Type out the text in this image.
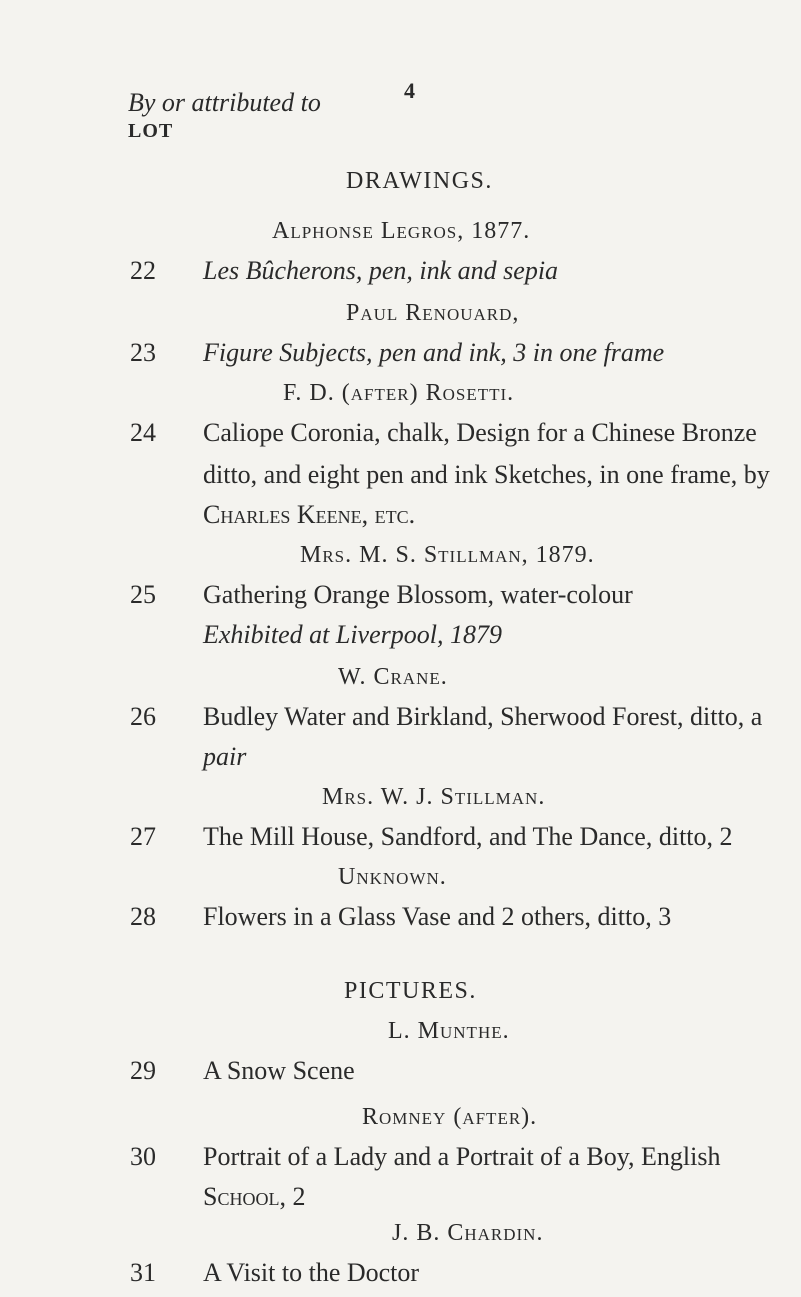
4
By or attributed to
LOT
DRAWINGS.
Alphonse Legros, 1877.
22 Les Bûcherons, pen, ink and sepia
Paul Renouard,
23 Figure Subjects, pen and ink, 3 in one frame
F. D. (after) Rosetti.
24 Caliope Coronia, chalk, Design for a Chinese Bronze
ditto, and eight pen and ink Sketches, in one frame, by
Charles Keene, etc.
Mrs. M. S. Stillman, 1879.
25 Gathering Orange Blossom, water-colour
Exhibited at Liverpool, 1879
W. Crane.
26 Budley Water and Birkland, Sherwood Forest, ditto, a
pair
Mrs. W. J. Stillman.
27 The Mill House, Sandford, and The Dance, ditto, 2
Unknown.
28 Flowers in a Glass Vase and 2 others, ditto, 3
PICTURES.
L. Munthe.
29 A Snow Scene
Romney (after).
30 Portrait of a Lady and a Portrait of a Boy, English
School, 2
J. B. Chardin.
31 A Visit to the Doctor
